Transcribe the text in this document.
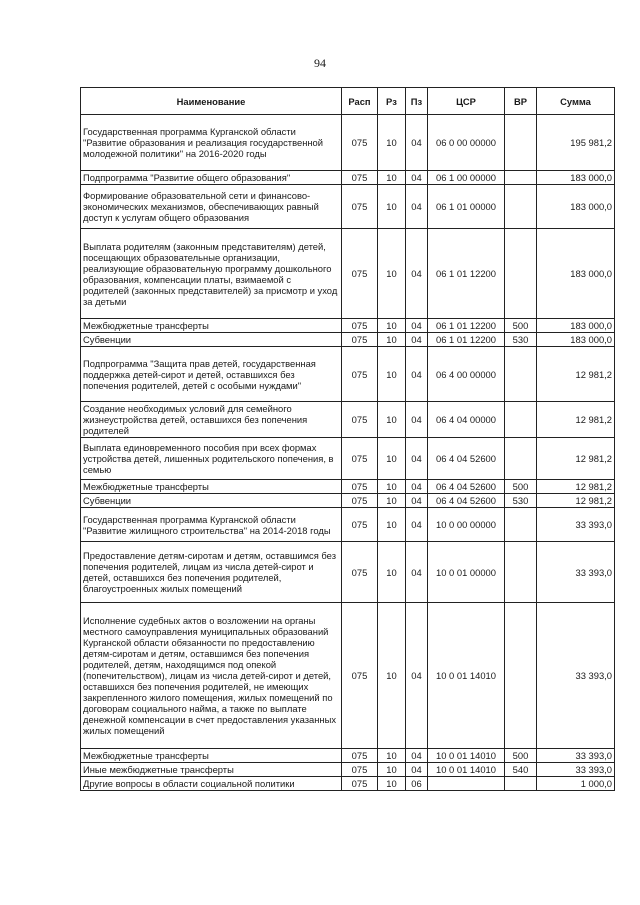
94
Наименование	Расп	Рз	Пз	ЦСР	ВР	Сумма
Государственная программа Курганской области "Развитие образования и реализация государственной молодежной политики" на 2016-2020 годы	075	10	04	06 0 00 00000		195 981,2
Подпрограмма "Развитие общего образования"	075	10	04	06 1 00 00000		183 000,0
Формирование образовательной сети и финансово-экономических механизмов, обеспечивающих равный доступ к услугам общего образования	075	10	04	06 1 01 00000		183 000,0
Выплата родителям (законным представителям) детей, посещающих образовательные организации, реализующие образовательную программу дошкольного образования, компенсации платы, взимаемой с родителей (законных представителей) за присмотр и уход за детьми	075	10	04	06 1 01 12200		183 000,0
Межбюджетные трансферты	075	10	04	06 1 01 12200	500	183 000,0
Субвенции	075	10	04	06 1 01 12200	530	183 000,0
Подпрограмма "Защита прав детей, государственная поддержка детей-сирот и детей, оставшихся без попечения родителей, детей с особыми нуждами"	075	10	04	06 4 00 00000		12 981,2
Создание необходимых условий для семейного жизнеустройства детей, оставшихся без попечения родителей	075	10	04	06 4 04 00000		12 981,2
Выплата единовременного пособия при всех формах устройства детей, лишенных родительского попечения, в семью	075	10	04	06 4 04 52600		12 981,2
Межбюджетные трансферты	075	10	04	06 4 04 52600	500	12 981,2
Субвенции	075	10	04	06 4 04 52600	530	12 981,2
Государственная программа Курганской области "Развитие жилищного строительства" на 2014-2018 годы	075	10	04	10 0 00 00000		33 393,0
Предоставление детям-сиротам и детям, оставшимся без попечения родителей, лицам из числа детей-сирот и детей, оставшихся без попечения родителей, благоустроенных жилых помещений	075	10	04	10 0 01 00000		33 393,0
Исполнение судебных актов о возложении на органы местного самоуправления муниципальных образований Курганской области обязанности по предоставлению детям-сиротам и детям, оставшимся без попечения родителей, детям, находящимся под опекой (попечительством), лицам из числа детей-сирот и детей, оставшихся без попечения родителей, не имеющих закрепленного жилого помещения, жилых помещений по договорам социального найма, а также по выплате денежной компенсации в счет предоставления указанных жилых помещений	075	10	04	10 0 01 14010		33 393,0
Межбюджетные трансферты	075	10	04	10 0 01 14010	500	33 393,0
Иные межбюджетные трансферты	075	10	04	10 0 01 14010	540	33 393,0
Другие вопросы в области социальной политики	075	10	06			1 000,0
